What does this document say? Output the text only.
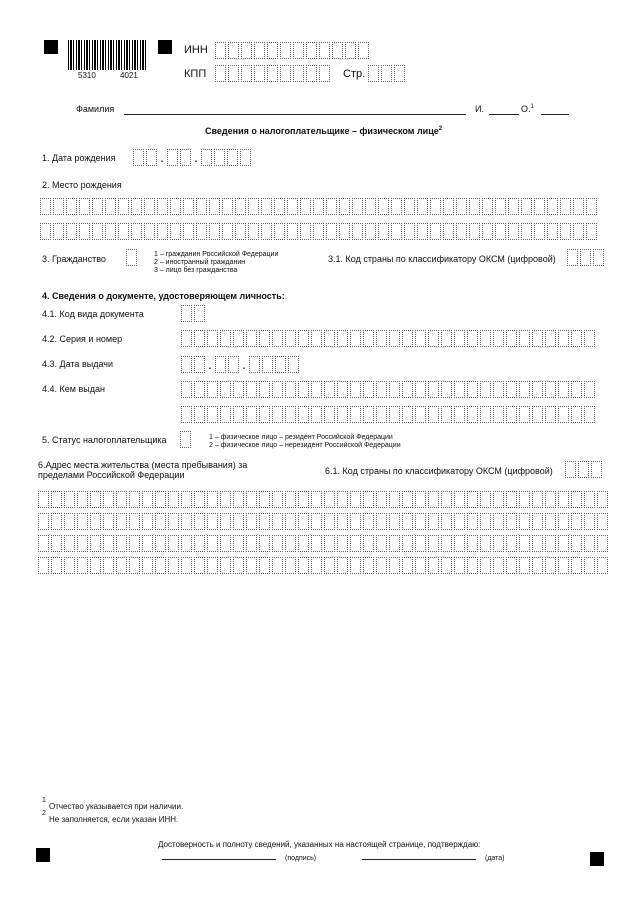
5310	4021
ИНН
КПП	Стр.
Фамилия	И.	О.$^1$
Сведения о налогоплательщике – физическом лице$^2$
1. Дата рождения	. .
2. Место рождения
3. Гражданство	1 – гражданин Российской Федерации
2 – иностранный гражданин
3 – лицо без гражданства
3.1. Код страны по классификатору ОКСМ (цифровой)
4. Сведения о документе, удостоверяющем личность:
4.1. Код вида документа
4.2. Серия и номер
4.3. Дата выдачи	. .
4.4. Кем выдан
5. Статус налогоплательщика	1 – физическое лицо – резидент Российской Федерации
2 – физическое лицо – нерезидент Российской Федерации
6.Адрес места жительства (места пребывания) за
пределами Российской Федерации	6.1. Код страны по классификатору ОКСМ (цифровой)
1
Отчество указывается при наличии.
2
Не заполняется, если указан ИНН.
Достоверность и полноту сведений, указанных на настоящей странице, подтверждаю:
(подпись)	(дата)
